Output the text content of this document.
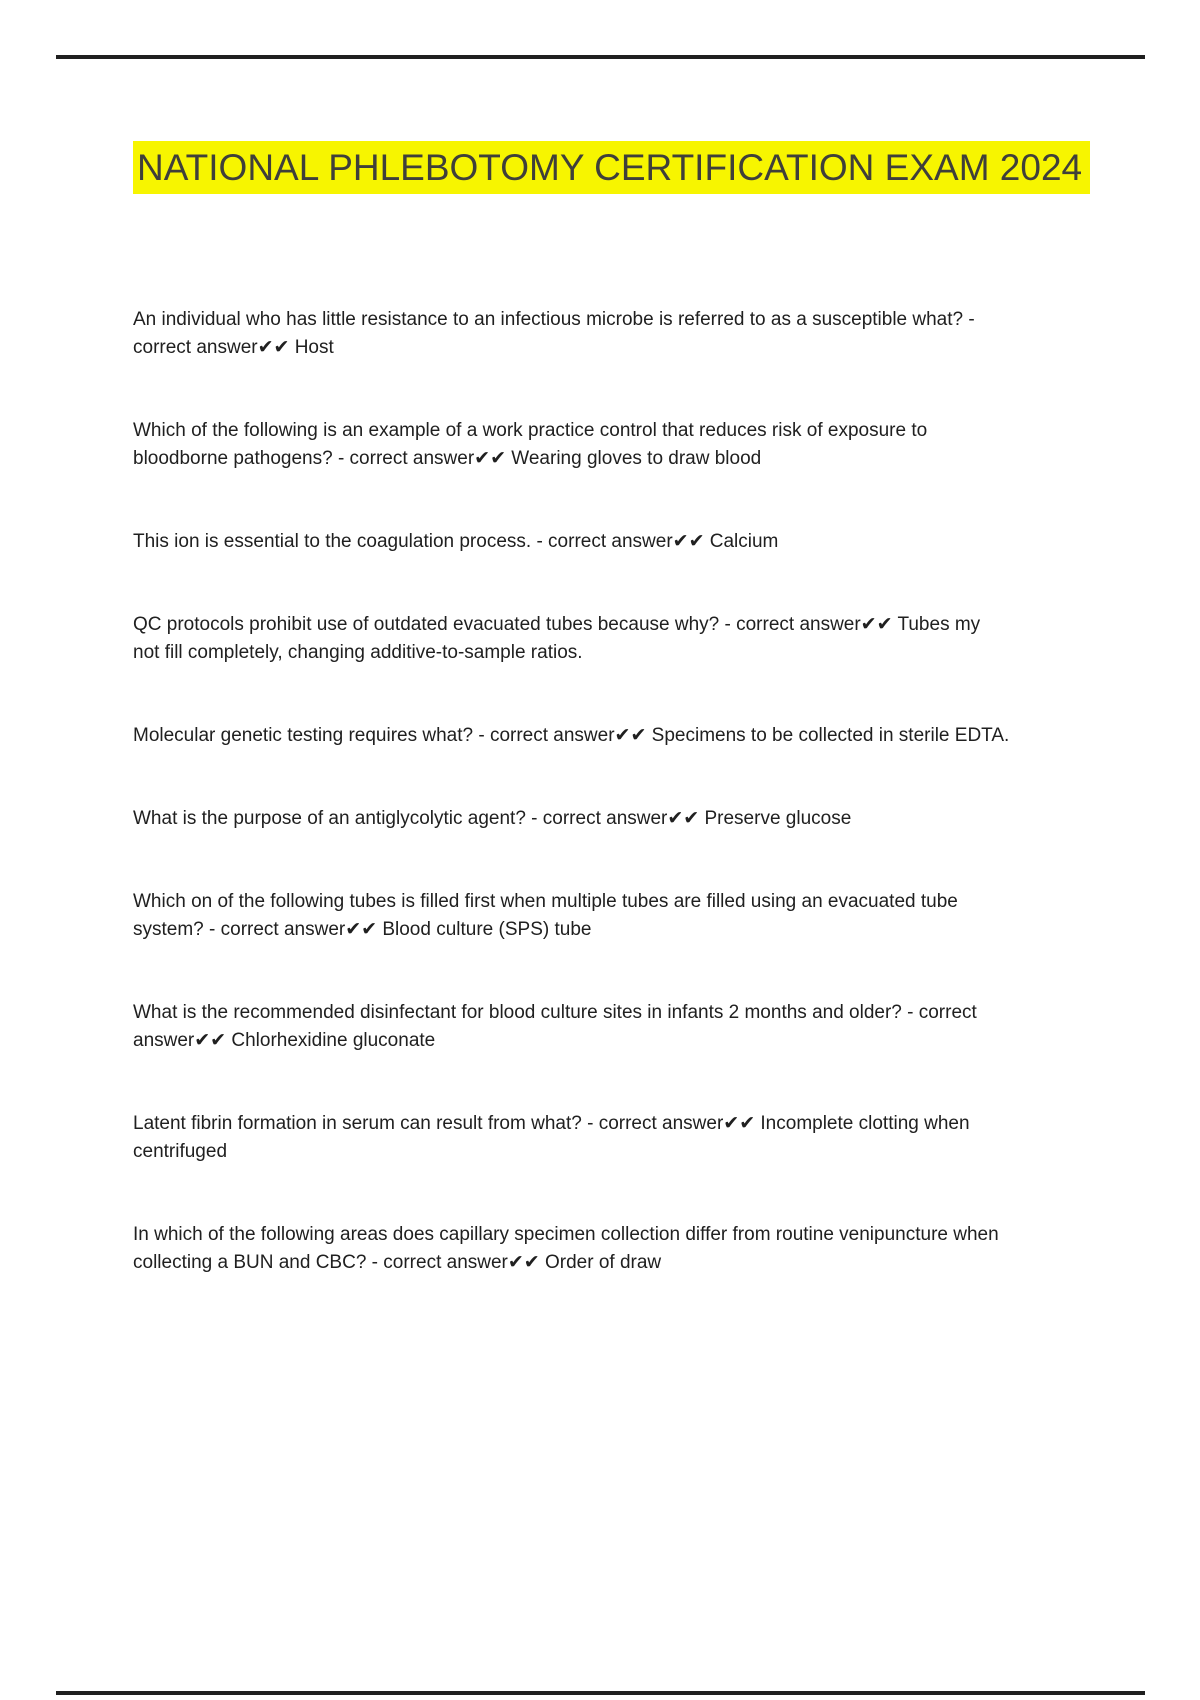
NATIONAL PHLEBOTOMY CERTIFICATION EXAM 2024

An individual who has little resistance to an infectious microbe is referred to as a susceptible what? -
correct answer✔✔ Host

Which of the following is an example of a work practice control that reduces risk of exposure to
bloodborne pathogens? - correct answer✔✔ Wearing gloves to draw blood

This ion is essential to the coagulation process. - correct answer✔✔ Calcium

QC protocols prohibit use of outdated evacuated tubes because why? - correct answer✔✔ Tubes my
not fill completely, changing additive-to-sample ratios.

Molecular genetic testing requires what? - correct answer✔✔ Specimens to be collected in sterile EDTA.

What is the purpose of an antiglycolytic agent? - correct answer✔✔ Preserve glucose

Which on of the following tubes is filled first when multiple tubes are filled using an evacuated tube
system? - correct answer✔✔ Blood culture (SPS) tube

What is the recommended disinfectant for blood culture sites in infants 2 months and older? - correct
answer✔✔ Chlorhexidine gluconate

Latent fibrin formation in serum can result from what? - correct answer✔✔ Incomplete clotting when
centrifuged

In which of the following areas does capillary specimen collection differ from routine venipuncture when
collecting a BUN and CBC? - correct answer✔✔ Order of draw
